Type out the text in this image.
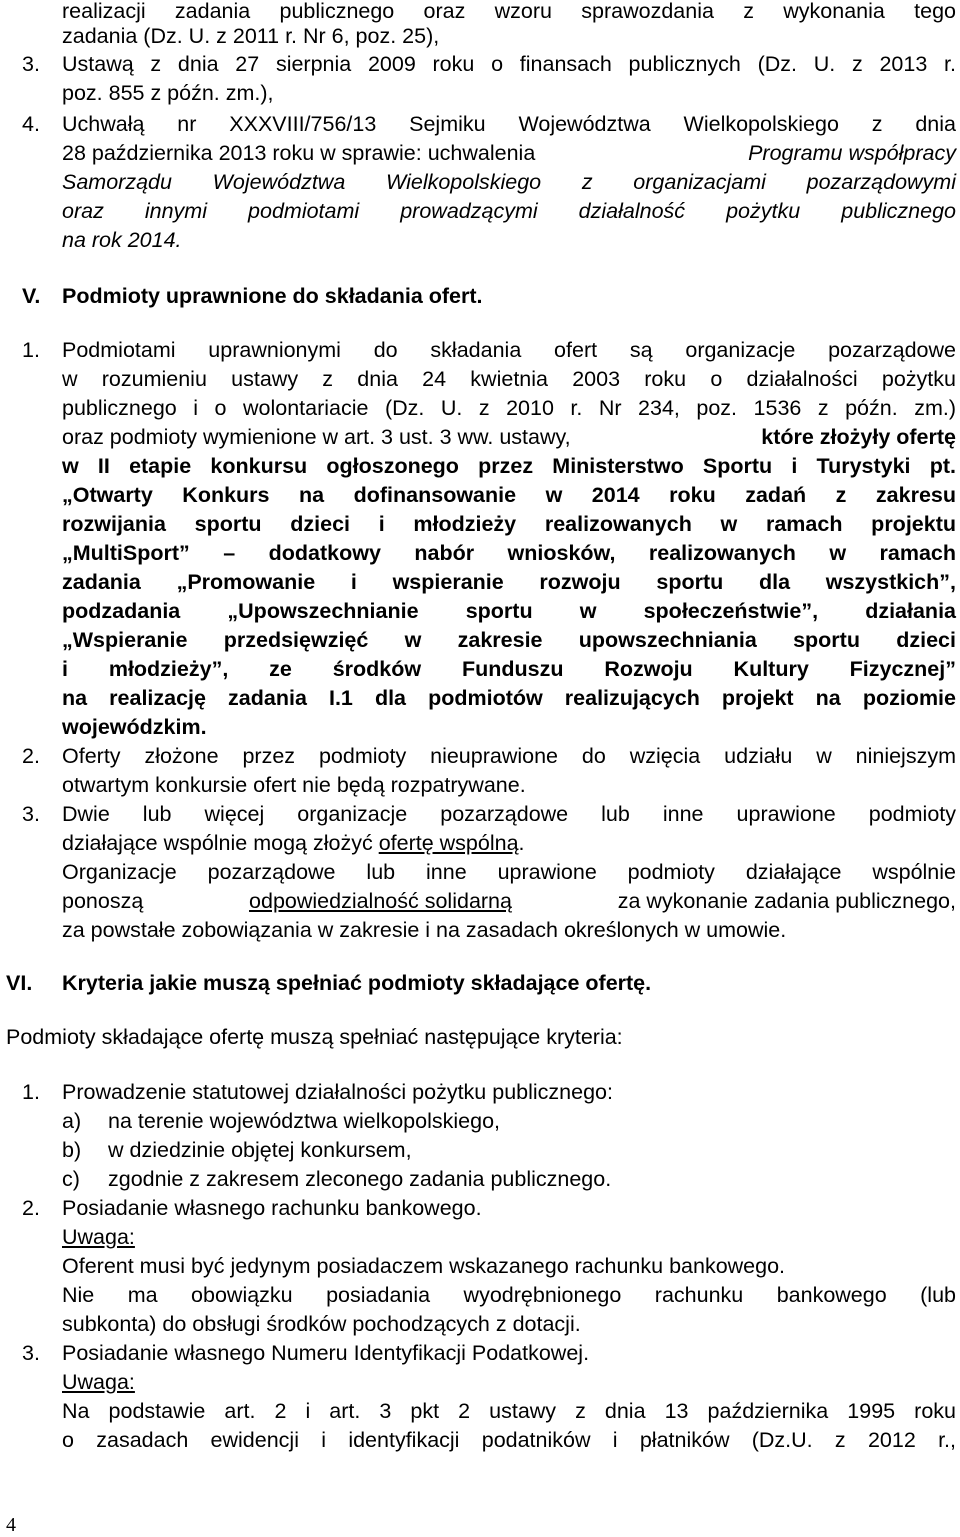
realizacji zadania publicznego oraz wzoru sprawozdania z wykonania tego
zadania (Dz. U. z 2011 r. Nr 6, poz. 25),
3. Ustawą z dnia 27 sierpnia 2009 roku o finansach publicznych (Dz. U. z 2013 r.
poz. 855 z późn. zm.),
4. Uchwałą nr XXXVIII/756/13 Sejmiku Województwa Wielkopolskiego z dnia
28 października 2013 roku w sprawie: uchwalenia	Programu współpracy
Samorządu Województwa Wielkopolskiego z organizacjami pozarządowymi
oraz innymi podmiotami prowadzącymi działalność pożytku publicznego
na rok 2014.
V. Podmioty uprawnione do składania ofert.
1. Podmiotami uprawnionymi do składania ofert są organizacje pozarządowe
w rozumieniu ustawy z dnia 24 kwietnia 2003 roku o działalności pożytku
publicznego i o wolontariacie (Dz. U. z 2010 r. Nr 234, poz. 1536 z późn. zm.)
oraz podmioty wymienione w art. 3 ust. 3 ww. ustawy,	które złożyły ofertę
w II etapie konkursu ogłoszonego przez Ministerstwo Sportu i Turystyki pt.
„Otwarty Konkurs na dofinansowanie w 2014 roku zadań z zakresu
rozwijania sportu dzieci i młodzieży realizowanych w ramach projektu
„MultiSport” – dodatkowy nabór wniosków, realizowanych w ramach
zadania „Promowanie i wspieranie rozwoju sportu dla wszystkich”,
podzadania „Upowszechnianie sportu w społeczeństwie”, działania
„Wspieranie przedsięwzięć w zakresie upowszechniania sportu dzieci
i młodzieży”, ze środków Funduszu Rozwoju Kultury Fizycznej”
na realizację zadania I.1 dla podmiotów realizujących projekt na poziomie
wojewódzkim.
2. Oferty złożone przez podmioty nieuprawione do wzięcia udziału w niniejszym
otwartym konkursie ofert nie będą rozpatrywane.
3. Dwie lub więcej organizacje pozarządowe lub inne uprawione podmioty
działające wspólnie mogą złożyć ofertę wspólną.
Organizacje pozarządowe lub inne uprawione podmioty działające wspólnie
ponoszą	odpowiedzialność solidarną	za wykonanie zadania publicznego,
za powstałe zobowiązania w zakresie i na zasadach określonych w umowie.
VI. Kryteria jakie muszą spełniać podmioty składające ofertę.
Podmioty składające ofertę muszą spełniać następujące kryteria:
1. Prowadzenie statutowej działalności pożytku publicznego:
a) na terenie województwa wielkopolskiego,
b) w dziedzinie objętej konkursem,
c) zgodnie z zakresem zleconego zadania publicznego.
2. Posiadanie własnego rachunku bankowego.
Uwaga:
Oferent musi być jedynym posiadaczem wskazanego rachunku bankowego.
Nie ma obowiązku posiadania wyodrębnionego rachunku bankowego (lub
subkonta) do obsługi środków pochodzących z dotacji.
3. Posiadanie własnego Numeru Identyfikacji Podatkowej.
Uwaga:
Na podstawie art. 2 i art. 3 pkt 2 ustawy z dnia 13 października 1995 roku
o zasadach ewidencji i identyfikacji podatników i płatników (Dz.U. z 2012 r.,
4
